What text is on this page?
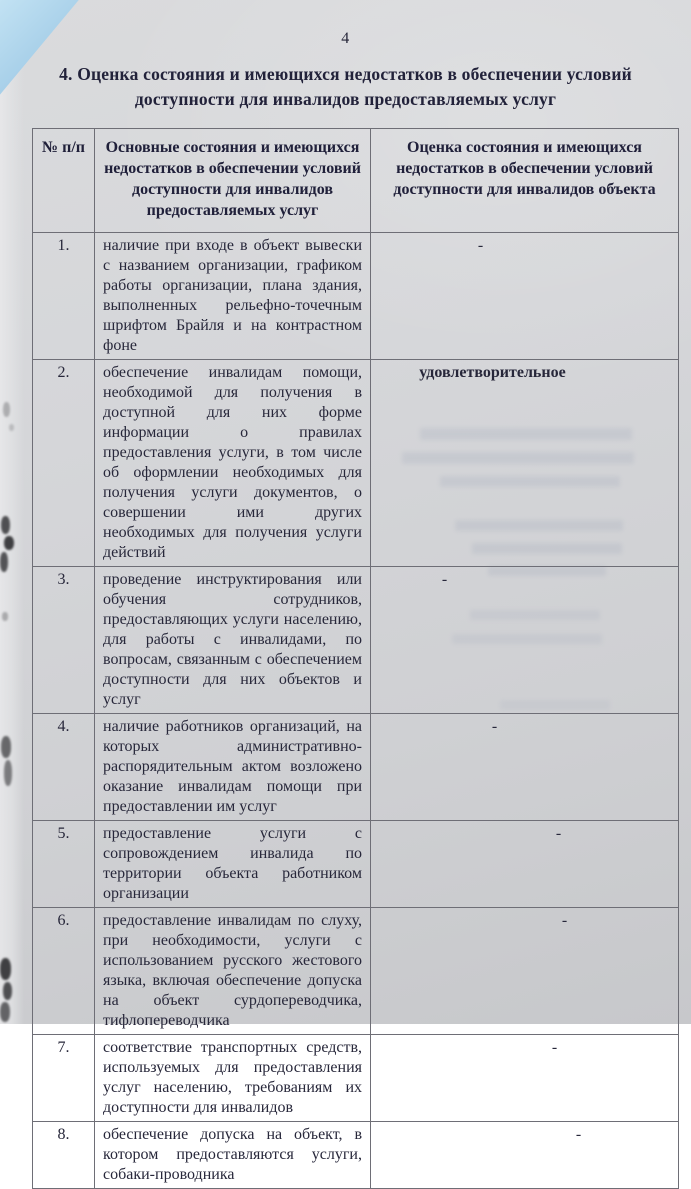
4
4. Оценка состояния и имеющихся недостатков в обеспечении условий доступности для инвалидов предоставляемых услуг
№ п/п	Основные состояния и имеющихся недостатков в обеспечении условий доступности для инвалидов предоставляемых услуг	Оценка состояния и имеющихся недостатков в обеспечении условий доступности для инвалидов объекта
1.	наличие при входе в объект вывески с названием организации, графиком работы организации, плана здания, выполненных рельефно-точечным шрифтом Брайля и на контрастном фоне	-
2.	обеспечение инвалидам помощи, необходимой для получения в доступной для них форме информации о правилах предоставления услуги, в том числе об оформлении необходимых для получения услуги документов, о совершении ими других необходимых для получения услуги действий	удовлетворительное
3.	проведение инструктирования или обучения сотрудников, предоставляющих услуги населению, для работы с инвалидами, по вопросам, связанным с обеспечением доступности для них объектов и услуг	-
4.	наличие работников организаций, на которых административно-распорядительным актом возложено оказание инвалидам помощи при предоставлении им услуг	-
5.	предоставление услуги с сопровождением инвалида по территории объекта работником организации	-
6.	предоставление инвалидам по слуху, при необходимости, услуги с использованием русского жестового языка, включая обеспечение допуска на объект сурдопереводчика, тифлопереводчика	-
7.	соответствие транспортных средств, используемых для предоставления услуг населению, требованиям их доступности для инвалидов	-
8.	обеспечение допуска на объект, в котором предоставляются услуги, собаки-проводника	-
